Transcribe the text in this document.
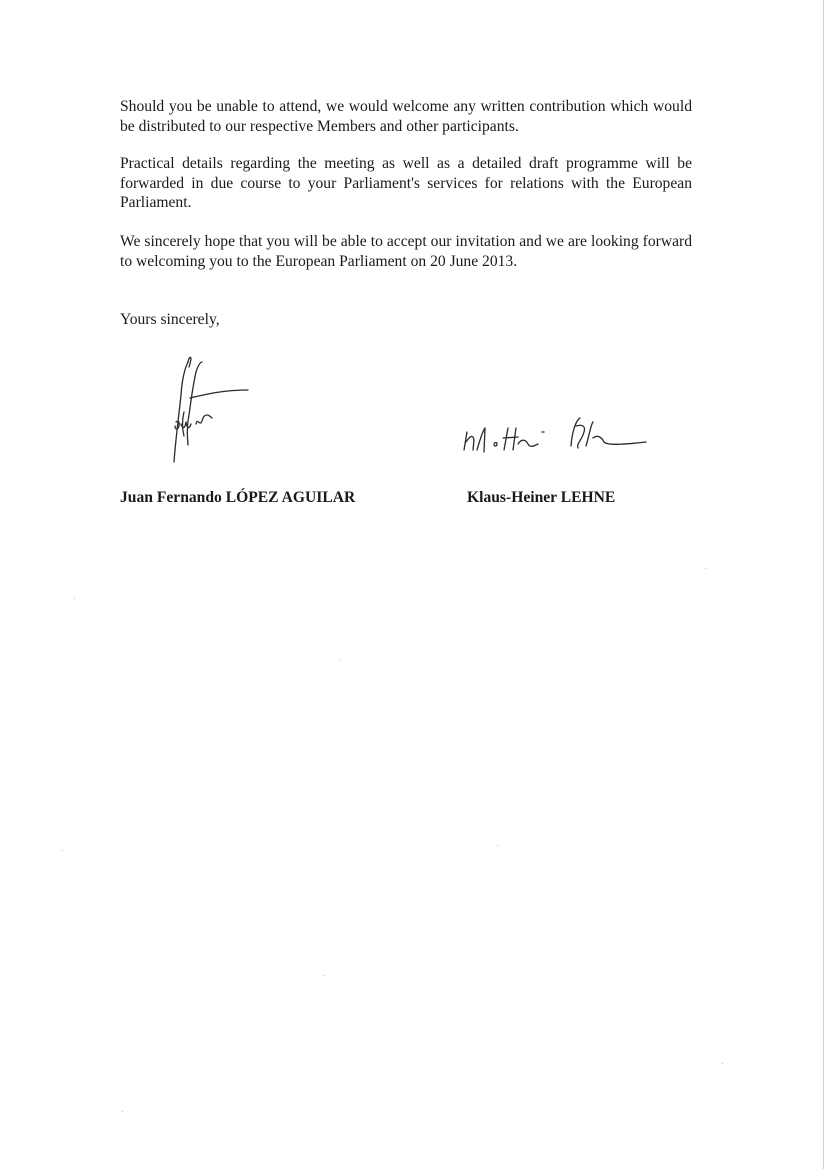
Should you be unable to attend, we would welcome any written contribution which would be distributed to our respective Members and other participants.

Practical details regarding the meeting as well as a detailed draft programme will be forwarded in due course to your Parliament's services for relations with the European Parliament.

We sincerely hope that you will be able to accept our invitation and we are looking forward to welcoming you to the European Parliament on 20 June 2013.

Yours sincerely,

Juan Fernando LÓPEZ AGUILAR	Klaus-Heiner LEHNE
